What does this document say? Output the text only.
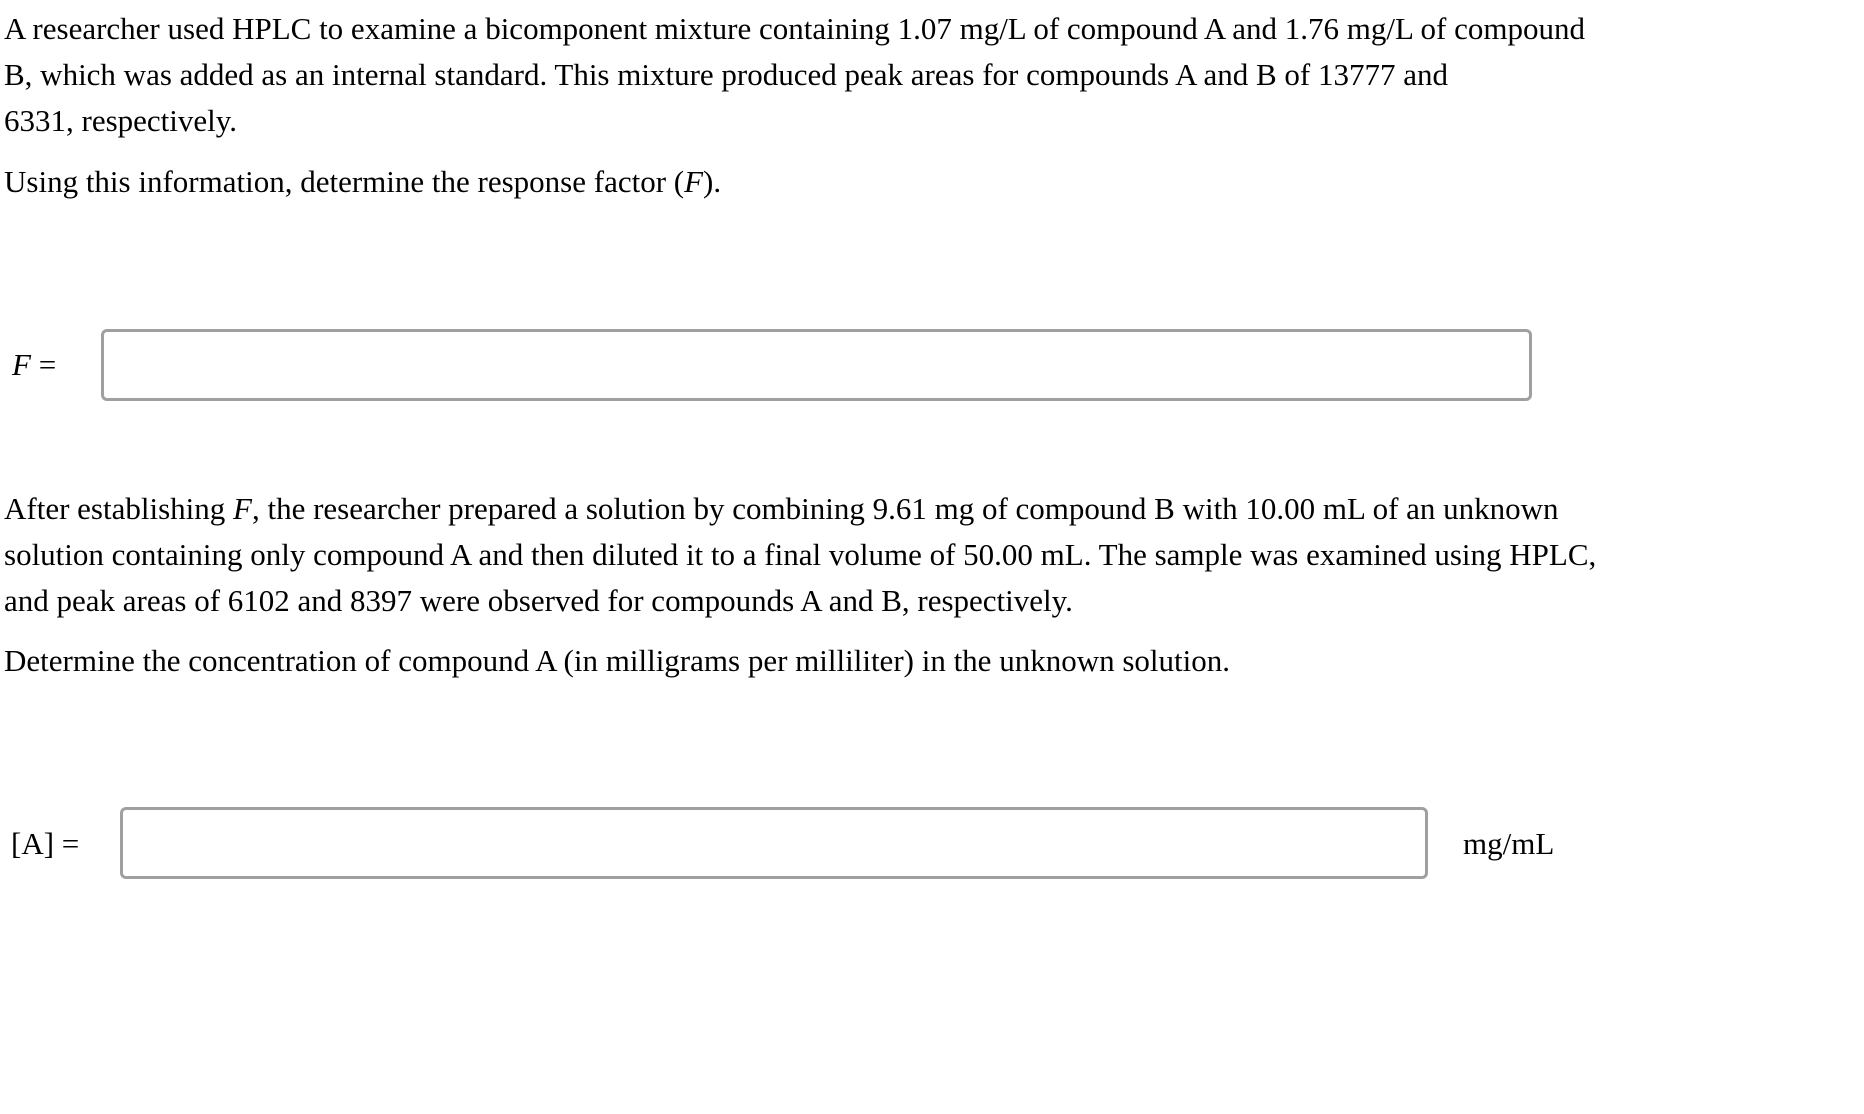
A researcher used HPLC to examine a bicomponent mixture containing 1.07 mg/L of compound A and 1.76 mg/L of compound
B, which was added as an internal standard. This mixture produced peak areas for compounds A and B of 13777 and
6331, respectively.

Using this information, determine the response factor (F).

F =

After establishing F, the researcher prepared a solution by combining 9.61 mg of compound B with 10.00 mL of an unknown
solution containing only compound A and then diluted it to a final volume of 50.00 mL. The sample was examined using HPLC,
and peak areas of 6102 and 8397 were observed for compounds A and B, respectively.

Determine the concentration of compound A (in milligrams per milliliter) in the unknown solution.

[A] =	mg/mL
